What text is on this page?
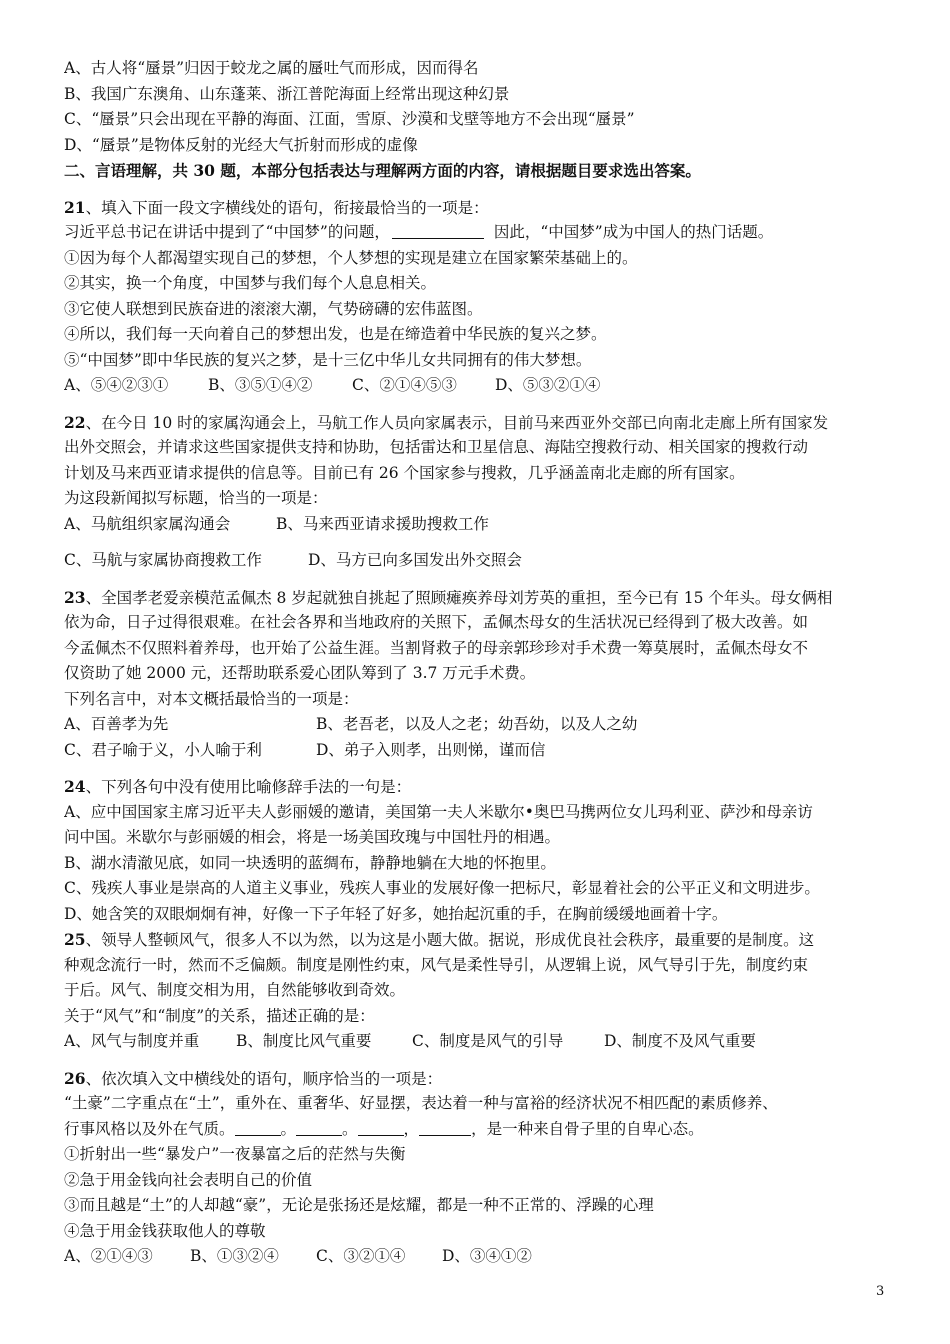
A、古人将“蜃景”归因于蛟龙之属的蜃吐气而形成，因而得名
B、我国广东澳角、山东蓬莱、浙江普陀海面上经常出现这种幻景
C、“蜃景”只会出现在平静的海面、江面，雪原、沙漠和戈壁等地方不会出现“蜃景”
D、“蜃景”是物体反射的光经大气折射而形成的虚像
二、言语理解，共 30 题，本部分包括表达与理解两方面的内容，请根据题目要求选出答案。
21、填入下面一段文字横线处的语句，衔接最恰当的一项是：
习近平总书记在讲话中提到了“中国梦”的问题，	因此，“中国梦”成为中国人的热门话题。
①因为每个人都渴望实现自己的梦想，个人梦想的实现是建立在国家繁荣基础上的。
②其实，换一个角度，中国梦与我们每个人息息相关。
③它使人联想到民族奋进的滚滚大潮，气势磅礴的宏伟蓝图。
④所以，我们每一天向着自己的梦想出发，也是在缔造着中华民族的复兴之梦。
⑤“中国梦”即中华民族的复兴之梦，是十三亿中华儿女共同拥有的伟大梦想。
A、⑤④②③①	B、③⑤①④②	C、②①④⑤③	D、⑤③②①④
22、在今日 10 时的家属沟通会上，马航工作人员向家属表示，目前马来西亚外交部已向南北走廊上所有国家发
出外交照会，并请求这些国家提供支持和协助，包括雷达和卫星信息、海陆空搜救行动、相关国家的搜救行动
计划及马来西亚请求提供的信息等。目前已有 26 个国家参与搜救，几乎涵盖南北走廊的所有国家。
为这段新闻拟写标题，恰当的一项是：
A、马航组织家属沟通会	B、马来西亚请求援助搜救工作
C、马航与家属协商搜救工作	D、马方已向多国发出外交照会
23、全国孝老爱亲模范孟佩杰 8 岁起就独自挑起了照顾瘫痪养母刘芳英的重担，至今已有 15 个年头。母女俩相
依为命，日子过得很艰难。在社会各界和当地政府的关照下，孟佩杰母女的生活状况已经得到了极大改善。如
今孟佩杰不仅照料着养母，也开始了公益生涯。当割肾救子的母亲郭珍珍对手术费一筹莫展时，孟佩杰母女不
仅资助了她 2000 元，还帮助联系爱心团队筹到了 3.7 万元手术费。
下列名言中，对本文概括最恰当的一项是：
A、百善孝为先	B、老吾老，以及人之老；幼吾幼，以及人之幼
C、君子喻于义，小人喻于利	D、弟子入则孝，出则悌，谨而信
24、下列各句中没有使用比喻修辞手法的一句是：
A、应中国国家主席习近平夫人彭丽媛的邀请，美国第一夫人米歇尔•奥巴马携两位女儿玛利亚、萨沙和母亲访
问中国。米歇尔与彭丽媛的相会，将是一场美国玫瑰与中国牡丹的相遇。
B、湖水清澈见底，如同一块透明的蓝绸布，静静地躺在大地的怀抱里。
C、残疾人事业是崇高的人道主义事业，残疾人事业的发展好像一把标尺，彰显着社会的公平正义和文明进步。
D、她含笑的双眼炯炯有神，好像一下子年轻了好多，她抬起沉重的手，在胸前缓缓地画着十字。
25、领导人整顿风气，很多人不以为然，以为这是小题大做。据说，形成优良社会秩序，最重要的是制度。这
种观念流行一时，然而不乏偏颇。制度是刚性约束，风气是柔性导引，从逻辑上说，风气导引于先，制度约束
于后。风气、制度交相为用，自然能够收到奇效。
关于“风气”和“制度”的关系，描述正确的是：
A、风气与制度并重	B、制度比风气重要	C、制度是风气的引导	D、制度不及风气重要
26、依次填入文中横线处的语句，顺序恰当的一项是：
“土豪”二字重点在“土”，重外在、重奢华、好显摆，表达着一种与富裕的经济状况不相匹配的素质修养、
行事风格以及外在气质。	。	。	，	，是一种来自骨子里的自卑心态。
①折射出一些“暴发户”一夜暴富之后的茫然与失衡
②急于用金钱向社会表明自己的价值
③而且越是“土”的人却越“豪”，无论是张扬还是炫耀，都是一种不正常的、浮躁的心理
④急于用金钱获取他人的尊敬
A、②①④③	B、①③②④	C、③②①④	D、③④①②
3
